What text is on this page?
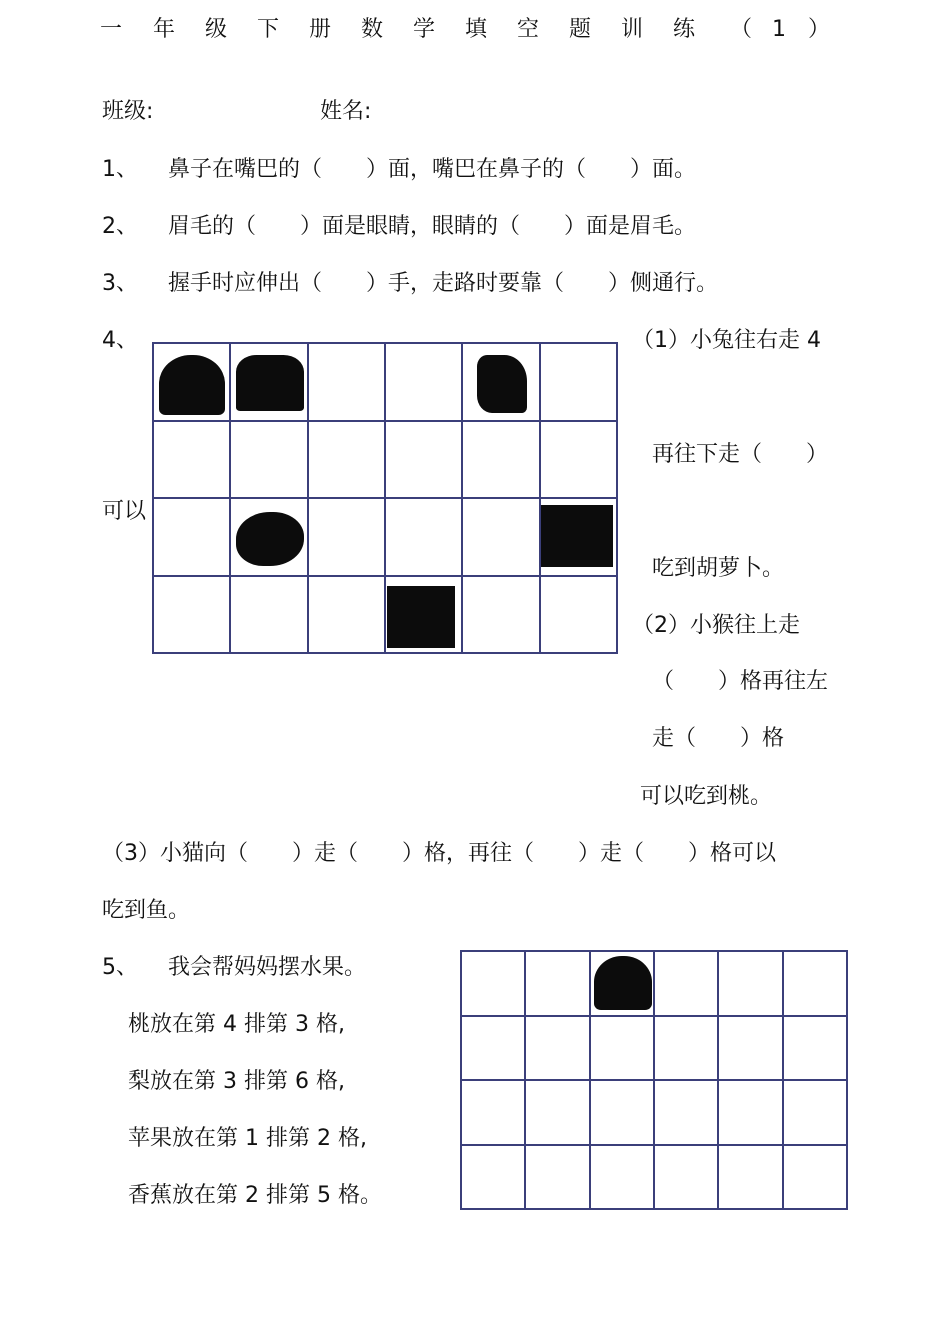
一 年 级 下 册 数 学 填 空 题 训 练 （ 1 ）
班级:	姓名:
1、 鼻子在嘴巴的（　　）面，嘴巴在鼻子的（　　）面。
2、 眉毛的（　　）面是眼睛，眼睛的（　　）面是眉毛。
3、 握手时应伸出（　　）手，走路时要靠（　　）侧通行。
4、
可以

（1）小兔往右走 4
再往下走（　　）
吃到胡萝卜。
（2）小猴往上走
（　　）格再往左
走（　　）格
可以吃到桃。
（3）小猫向（　　）走（　　）格，再往（　　）走（　　）格可以
吃到鱼。
5、 我会帮妈妈摆水果。
桃放在第 4 排第 3 格,
梨放在第 3 排第 6 格,
苹果放在第 1 排第 2 格,
香蕉放在第 2 排第 5 格。
